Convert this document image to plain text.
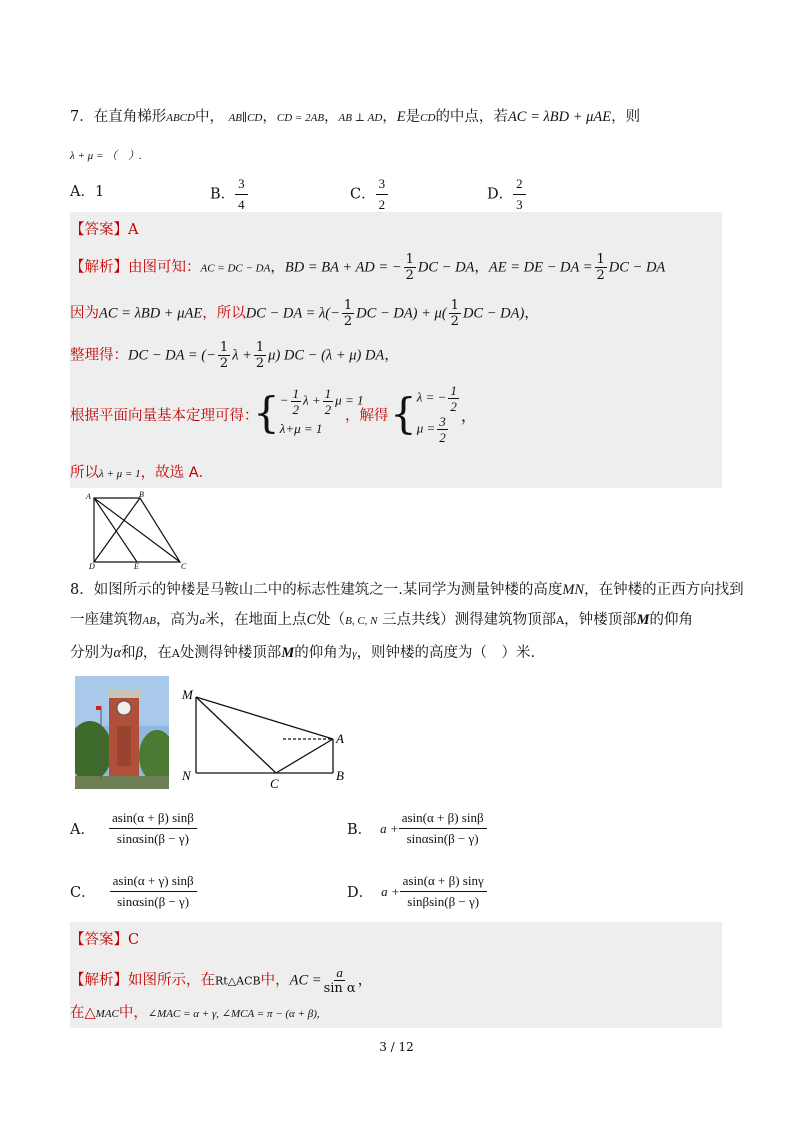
7．在直角梯形ABCD中， AB∥CD，CD = 2AB，AB ⊥ AD，E是CD的中点，若AC = λBD + μAE，则
λ + μ = （　）.
A．1	B． $\frac{3}{4}$	C． $\frac{3}{2}$	D． $\frac{2}{3}$
【答案】A
【解析】由图可知：AC = DC − DA，BD = BA + AD = − $\frac{1}{2}$ DC − DA，AE = DE − DA = $\frac{1}{2}$ DC − DA
因为AC = λBD + μAE，所以DC − DA = $\lambda(- \frac{1}{2}$ DC − $DA) + \mu( \frac{1}{2}$ DC − DA)，
整理得：DC − DA = (− $\frac{1}{2}$ $\lambda + \frac{1}{2} \mu$) DC − (λ + μ) DA，
根据平面向量基本定理可得：
{ − $\frac{1}{2}$ $\lambda + \frac{1}{2}$ μ = 1
λ+μ = 1
，解得 { λ = − $\frac{1}{2}$
$\mu = \frac{3}{2}$ ，
所以λ + μ = 1，故选 A．
A	B
C
D	E
8．如图所示的钟楼是马鞍山二中的标志性建筑之一.某同学为测量钟楼的高度MN，在钟楼的正西方向找到
一座建筑物AB，高为a米，在地面上点C处（B, C, N 三点共线）测得建筑物顶部A，钟楼顶部M的仰角
分别为α和β，在A处测得钟楼顶部M的仰角为γ，则钟楼的高度为（　）米.
M
A
N
C
B
A．
asin(α + β) sinβ
sinαsin(β − γ)
B． $a + \frac{asin(\alpha + \beta) \sin\beta}{\sin\alpha\sin(\beta - \gamma)}$
C．
asin(α + γ) sinβ
sinαsin(β − γ)
D． $a + \frac{asin(\alpha + \beta) \sin\gamma}{\sin\beta\sin(\beta - \gamma)}$
【答案】C
【解析】如图所示，在Rt△ACB中，AC = $\frac{a}{\text{sin α}}$ ，
在△MAC中，∠MAC = α + γ, ∠MCA = π − (α + β),
3 / 12
